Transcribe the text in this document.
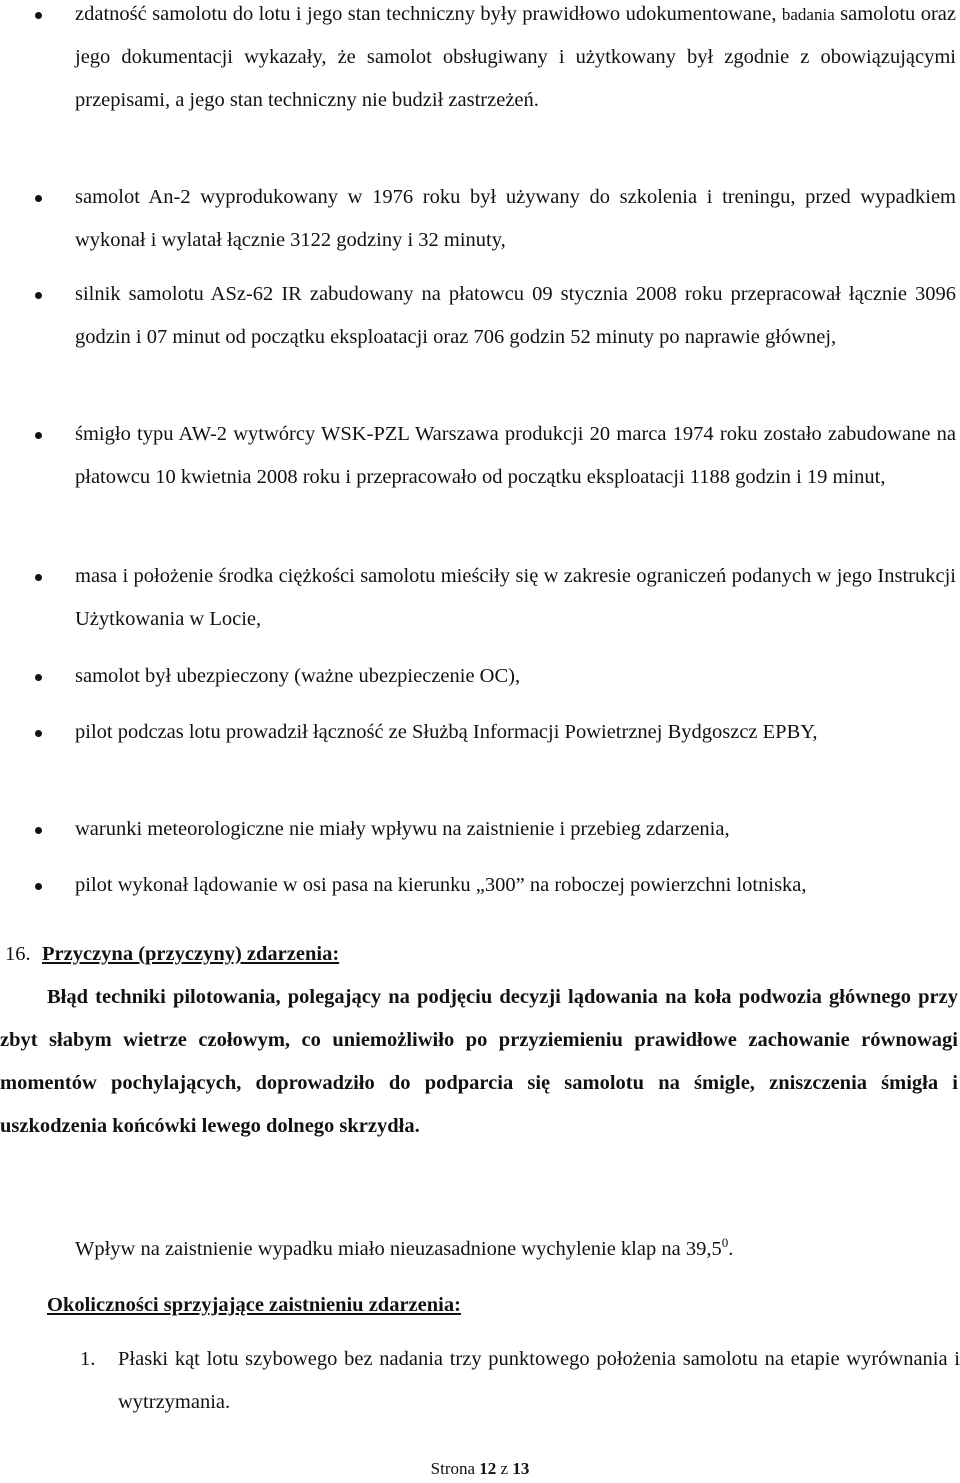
zdatność samolotu do lotu i jego stan techniczny były prawidłowo udokumentowane, badania samolotu oraz jego dokumentacji wykazały, że samolot obsługiwany i użytkowany był zgodnie z obowiązującymi przepisami, a jego stan techniczny nie budził zastrzeżeń.
samolot An-2 wyprodukowany w 1976 roku był używany do szkolenia i treningu, przed wypadkiem wykonał i wylatał łącznie 3122 godziny i 32 minuty,
silnik samolotu ASz-62 IR zabudowany na płatowcu 09 stycznia 2008 roku przepracował łącznie 3096 godzin i 07 minut od początku eksploatacji oraz 706 godzin 52 minuty po naprawie głównej,
śmigło typu AW-2 wytwórcy WSK-PZL Warszawa produkcji 20 marca 1974 roku zostało zabudowane na płatowcu 10 kwietnia 2008 roku i przepracowało od początku eksploatacji 1188 godzin i 19 minut,
masa i położenie środka ciężkości samolotu mieściły się w zakresie ograniczeń podanych w jego Instrukcji Użytkowania w Locie,
samolot był ubezpieczony (ważne ubezpieczenie OC),
pilot podczas lotu prowadził łączność ze Służbą Informacji Powietrznej Bydgoszcz EPBY,
warunki meteorologiczne nie miały wpływu na zaistnienie i przebieg zdarzenia,
pilot wykonał lądowanie w osi pasa na kierunku „300” na roboczej powierzchni lotniska,
16. Przyczyna (przyczyny) zdarzenia:
Błąd techniki pilotowania, polegający na podjęciu decyzji lądowania na koła podwozia głównego przy zbyt słabym wietrze czołowym, co uniemożliwiło po przyziemieniu prawidłowe zachowanie równowagi momentów pochylających, doprowadziło do podparcia się samolotu na śmigle, zniszczenia śmigła i uszkodzenia końcówki lewego dolnego skrzydła.
Wpływ na zaistnienie wypadku miało nieuzasadnione wychylenie klap na 39,5$^0$.
Okoliczności sprzyjające zaistnieniu zdarzenia:
1. Płaski kąt lotu szybowego bez nadania trzy punktowego położenia samolotu na etapie wyrównania i wytrzymania.
Strona 12 z 13
